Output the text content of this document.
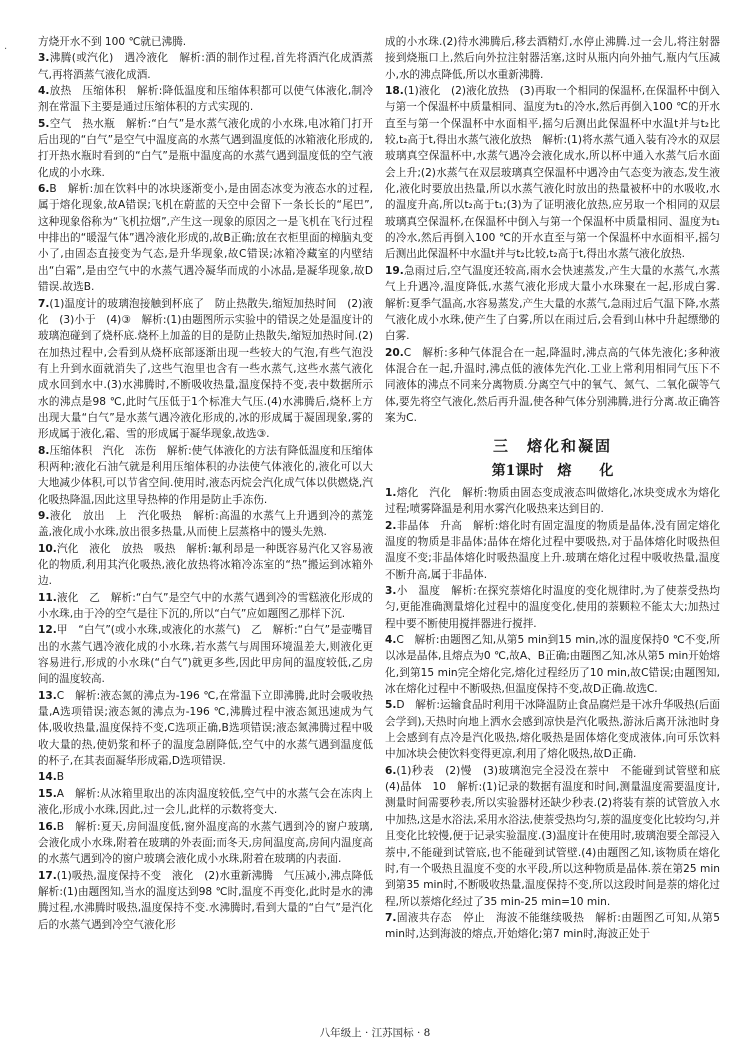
·
方烧开水不到 100 ℃就已沸腾.
3.沸腾(或汽化)　遇冷液化　解析:酒的制作过程,首先将酒汽化成酒蒸气,再将酒蒸气液化成酒.
4.放热　压缩体积　解析:降低温度和压缩体积都可以使气体液化,制冷剂在常温下主要是通过压缩体积的方式实现的.
5.空气　热水瓶　解析:“白气”是水蒸气液化成的小水珠,电冰箱门打开后出现的“白气”是空气中温度高的水蒸气遇到温度低的冰箱液化形成的,打开热水瓶时看到的“白气”是瓶中温度高的水蒸气遇到温度低的空气液化成的小水珠.
6.B　解析:加在饮料中的冰块逐渐变小,是由固态冰变为液态水的过程,属于熔化现象,故A错误;飞机在蔚蓝的天空中会留下一条长长的“尾巴”,这种现象俗称为“飞机拉烟”,产生这一现象的原因之一是飞机在飞行过程中排出的“暖湿气体”遇冷液化形成的,故B正确;放在衣柜里面的樟脑丸变小了,由固态直接变为气态,是升华现象,故C错误;冰箱冷藏室的内壁结出“白霜”,是由空气中的水蒸气遇冷凝华而成的小冰晶,是凝华现象,故D错误.故选B.
7.(1)温度计的玻璃泡接触到杯底了　防止热散失,缩短加热时间　(2)液化　(3)小于　(4)③　解析:(1)由题图所示实验中的错误之处是温度计的玻璃泡碰到了烧杯底.烧杯上加盖的目的是防止热散失,缩短加热时间.(2)在加热过程中,会看到从烧杯底部逐渐出现一些较大的气泡,有些气泡没有上升到水面就消失了,这些气泡里也含有一些水蒸气,这些水蒸气液化成水回到水中.(3)水沸腾时,不断吸收热量,温度保持不变,表中数据所示水的沸点是98 ℃,此时气压低于1个标准大气压.(4)水沸腾后,烧杯上方出现大量“白气”是水蒸气遇冷液化形成的,冰的形成属于凝固现象,雾的形成属于液化,霜、雪的形成属于凝华现象,故选③.
8.压缩体积　汽化　冻伤　解析:使气体液化的方法有降低温度和压缩体积两种;液化石油气就是利用压缩体积的办法使气体液化的,液化可以大大地减少体积,可以节省空间.使用时,液态丙烷会汽化成气体以供燃烧,汽化吸热降温,因此这里导热棒的作用是防止手冻伤.
9.液化　放出　上　汽化吸热　解析:高温的水蒸气上升遇到冷的蒸笼盖,液化成小水珠,放出很多热量,从而使上层蒸格中的馒头先熟.
10.汽化　液化　放热　吸热　解析:氟利昂是一种既容易汽化又容易液化的物质,利用其汽化吸热,液化放热将冰箱冷冻室的“热”搬运到冰箱外边.
11.液化　乙　解析:“白气”是空气中的水蒸气遇到冷的雪糕液化形成的小水珠,由于冷的空气是往下沉的,所以“白气”应如题图乙那样下沉.
12.甲　“白气”(或小水珠,或液化的水蒸气)　乙　解析:“白气”是壶嘴冒出的水蒸气遇冷液化成的小水珠,若水蒸气与周围环境温差大,则液化更容易进行,形成的小水珠(“白气”)就更多些,因此甲房间的温度较低,乙房间的温度较高.
13.C　解析:液态氮的沸点为-196 ℃,在常温下立即沸腾,此时会吸收热量,A选项错误;液态氮的沸点为-196 ℃,沸腾过程中液态氮迅速成为气体,吸收热量,温度保持不变,C选项正确,B选项错误;液态氮沸腾过程中吸收大量的热,使奶浆和杯子的温度急剧降低,空气中的水蒸气遇到温度低的杯子,在其表面凝华形成霜,D选项错误.
14.B
15.A　解析:从冰箱里取出的冻肉温度较低,空气中的水蒸气会在冻肉上液化,形成小水珠,因此,过一会儿,此样的示数将变大.
16.B　解析:夏天,房间温度低,窗外温度高的水蒸气遇到冷的窗户玻璃,会液化成小水珠,附着在玻璃的外表面;而冬天,房间温度高,房间内温度高的水蒸气遇到冷的窗户玻璃会液化成小水珠,附着在玻璃的内表面.
17.(1)吸热,温度保持不变　液化　(2)水重新沸腾　气压减小,沸点降低　解析:(1)由题图知,当水的温度达到98 ℃时,温度不再变化,此时是水的沸腾过程,水沸腾时吸热,温度保持不变.水沸腾时,看到大量的“白气”是汽化后的水蒸气遇到冷空气液化形
成的小水珠.(2)待水沸腾后,移去酒精灯,水停止沸腾.过一会儿,将注射器接到烧瓶口上,然后向外拉注射器活塞,这时从瓶内向外抽气,瓶内气压减小,水的沸点降低,所以水重新沸腾.
18.(1)液化　(2)液化放热　(3)再取一个相同的保温杯,在保温杯中倒入与第一个保温杯中质量相同、温度为t₁的冷水,然后再倒入100 ℃的开水直至与第一个保温杯中水面相平,摇匀后测出此保温杯中水温t并与t₂比较,t₂高于t,得出水蒸气液化放热　解析:(1)将水蒸气通入装有冷水的双层玻璃真空保温杯中,水蒸气遇冷会液化成水,所以杯中通入水蒸气后水面会上升;(2)水蒸气在双层玻璃真空保温杯中遇冷由气态变为液态,发生液化,液化时要放出热量,所以水蒸气液化时放出的热量被杯中的水吸收,水的温度升高,所以t₂高于t₁;(3)为了证明液化放热,应另取一个相同的双层玻璃真空保温杯,在保温杯中倒入与第一个保温杯中质量相同、温度为t₁的冷水,然后再倒入100 ℃的开水直至与第一个保温杯中水面相平,摇匀后测出此保温杯中水温t并与t₂比较,t₂高于t,得出水蒸气液化放热.
19.急雨过后,空气温度还较高,雨水会快速蒸发,产生大量的水蒸气,水蒸气上升遇冷,温度降低,水蒸气液化形成大量小水珠聚在一起,形成白雾.　解析:夏季气温高,水容易蒸发,产生大量的水蒸气,急雨过后气温下降,水蒸气液化成小水珠,使产生了白雾,所以在雨过后,会看到山林中升起缥缈的白雾.
20.C　解析:多种气体混合在一起,降温时,沸点高的气体先液化;多种液体混合在一起,升温时,沸点低的液体先汽化.工业上常利用相同气压下不同液体的沸点不同来分离物质.分离空气中的氧气、氮气、二氧化碳等气体,要先将空气液化,然后再升温,使各种气体分别沸腾,进行分离.故正确答案为C.
三　熔化和凝固
第1课时　熔　　化
1.熔化　汽化　解析:物质由固态变成液态叫做熔化,冰块变成水为熔化过程;喷雾降温是利用水雾汽化吸热来达到目的.
2.非晶体　升高　解析:熔化时有固定温度的物质是晶体,没有固定熔化温度的物质是非晶体;晶体在熔化过程中要吸热,对于晶体熔化时吸热但温度不变;非晶体熔化时吸热温度上升.玻璃在熔化过程中吸收热量,温度不断升高,属于非晶体.
3.小　温度　解析:在探究萘熔化时温度的变化规律时,为了使萘受热均匀,更能准确测量熔化过程中的温度变化,使用的萘颗粒不能太大;加热过程中要不断使用搅拌器进行搅拌.
4.C　解析:由题图乙知,从第5 min到15 min,冰的温度保持0 ℃不变,所以冰是晶体,且熔点为0 ℃,故A、B正确;由题图乙知,冰从第5 min开始熔化,到第15 min完全熔化完,熔化过程经历了10 min,故C错误;由题图知,冰在熔化过程中不断吸热,但温度保持不变,故D正确.故选C.
5.D　解析:运输食品时利用干冰降温防止食品腐烂是干冰升华吸热(后面会学到),天热时向地上洒水会感到凉快是汽化吸热,游泳后离开泳池时身上会感到有点冷是汽化吸热,熔化吸热是固体熔化变成液体,向可乐饮料中加冰块会使饮料变得更凉,利用了熔化吸热,故D正确.
6.(1)秒表　(2)慢　(3)玻璃泡完全浸没在萘中　不能碰到试管壁和底　(4)晶体　10　解析:(1)记录的数据有温度和时间,测量温度需要温度计,测量时间需要秒表,所以实验器材还缺少秒表.(2)将装有萘的试管放入水中加热,这是水浴法,采用水浴法,使萘受热均匀,萘的温度变化比较均匀,并且变化比较慢,便于记录实验温度.(3)温度计在使用时,玻璃泡要全部浸入萘中,不能碰到试管底,也不能碰到试管壁.(4)由题图乙知,该物质在熔化时,有一个吸热且温度不变的水平段,所以这种物质是晶体.萘在第25 min到第35 min时,不断吸收热量,温度保持不变,所以这段时间是萘的熔化过程,所以萘熔化经过了35 min-25 min=10 min.
7.固液共存态　停止　海波不能继续吸热　解析:由题图乙可知,从第5 min时,达到海波的熔点,开始熔化;第7 min时,海波正处于
八年级上 · 江苏国标 · 8
